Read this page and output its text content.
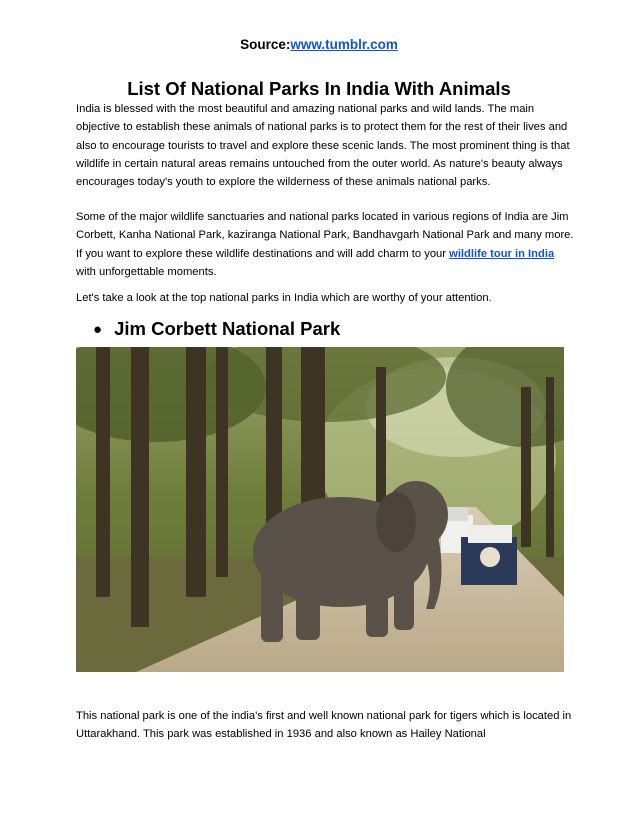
Source:www.tumblr.com
List Of National Parks In India With Animals

India is blessed with the most beautiful and amazing national parks and wild lands. The main objective to establish these animals of national parks is to protect them for the rest of their lives and also to encourage tourists to travel and explore these scenic lands. The most prominent thing is that wildlife in certain natural areas remains untouched from the outer world. As nature's beauty always encourages today's youth to explore the wilderness of these animals national parks.

Some of the major wildlife sanctuaries and national parks located in various regions of India are Jim Corbett, Kanha National Park, kaziranga National Park, Bandhavgarh National Park and many more. If you want to explore these wildlife destinations and will add charm to your wildlife tour in India with unforgettable moments.

Let's take a look at the top national parks in India which are worthy of your attention.

● Jim Corbett National Park

This national park is one of the india's first and well known national park for tigers which is located in Uttarakhand. This park was established in 1936 and also known as Hailey National
